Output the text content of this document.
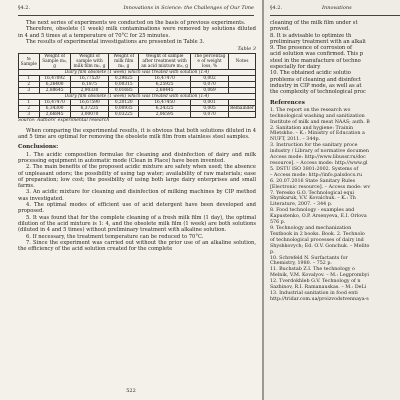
§4.2.	Innovations in Science: the Challenges of Our Time

The next series of experiments we conducted on the basis of previous experiments.

Therefore, obsolete (1 week) milk contaminations were removed by solutions diluted in 4 and 5 times at a temperature of 70°C for 25 minutes.

The results of experimental investigations are presented in Table 3.

Table 3
№ Sample	Weight of Sample m₀, g	Weight of sample with milk film m₁, g	Weight of milk film m₂, g	Weight of sample after treatment with an acid mixture m₃, g	The percentag e of weight loss, %	Notes
Dairy film obsolete (1 week) which was treated with solution (1:4)						
1	16,47092	16,77520	0,29625	16,47470	0,002	
2	6,26400	6,1875	0,00315	6,25925	0,070	
3	2,88645	2,90330	0,01685	2,68445	0,069	
Dairy film obsolete (1 week) which was treated with solution (1:4)						
1	16,47470	16,67590	0,20120	16,47450	0,001	
2	6,34300	6,37235	0,00935	6,24325	0,005	Remainder
3	2,66845	3,00070	0,03225	2,06595	0,070	
Source: Authors' experimental research

When comparing the experimental results, it is obvious that both solutions diluted in 4 and 5 time are optimal for removing the obsolete milk film from stainless steel samples.

Conclusions:

1. The acidic composition formulae for cleaning and disinfection of dairy and milk processing equipment in automatic mode (Clean in Place) have been invented.

2. The main benefits of the proposed acidic mixture are safety when used; the absence of unpleasant odors; the possibility of using tap water; availability of raw materials; ease of preparation; low cost; the possibility of using both large dairy enterprises and small farms.

3. An acidic mixture for cleaning and disinfection of milking machines by CIP method was investigated.

4. The optimal modes of efficient use of acid detergent have been developed and proposed.

5. It was found that for the complete cleaning of a fresh milk film (1 day), the optimal dilution of the acid mixture is 1: 4, and the obsolete milk film (1 week) are both solutions (diluted in 4 and 5 times) without preliminary treatment with alkaline solution.

6. If necessary, the treatment temperature can be reduced to 70°C.

7. Since the experiment was carried out without the prior use of an alkaline solution, the efficiency of the acid solution created for the complete

522
§4.2.	Innovations

cleaning of the milk film under st

proved.

8. It is advisable to optimize th

preliminary treatment with an alkali

9. The presence of corrosion of

acid solution was confirmed. This p

steel in the manufacture of techno

especially for dairy

10. The obtained acidic solutio

problems of cleaning and disinfect

industry in CIP mode, as well as at

the complexity of technological proc

References

1. The report on the research wo

technological washing and sanitization

Institute of milk and meat NAAS; auth. B

2. Sanitation and hygiene: Trainin

Mletskho. – K.: Ministry of Education a

NUFT, 2011. – 344p.

3. Instruction for the sanitary proce

industry / Library of normative documen

Access mode: http://www.libussr.ru/doc

resource]. – Access mode: http://www.gl

5. DSTU ISO 3801:2002. Systems of

– Access mode: http://info.palsdocs.ru

6. 20.07.2016 State Sanitary Rules

[Electronic resource]. – Access mode: wv

7. Yeresko G.O. Technological equi

Shynkaruk, V.V. Kovalchuk. – K.: Th

Literature, 2007. – 344 p.

8. Food technology - examples and

Kapustenko, O.P. Arsenyeva, E.I. Orlova

576 p.

9. Technology and mechanization

Textbook in 2 books. Book. 2. Technolo

of technological processes of dairy ind

Shyshkovych; Ed. O.V. Gonchuk. – Melito

p.

10. Schrefeld N. Surfactants for

Chemistry, 1980. – 752 p.

11. Buchstab Z.I. The technology o

Melnik, V.M. Kovalyov. – M.: Legprombyi

12. Tverdokhleb G.V. Technology of n

Sazhinov, R.I. Ramanauskas. – M.: DeLi

13. Industrial sanitation in food enti

http://tridar.com.ua/proizvodstvennaya-s
